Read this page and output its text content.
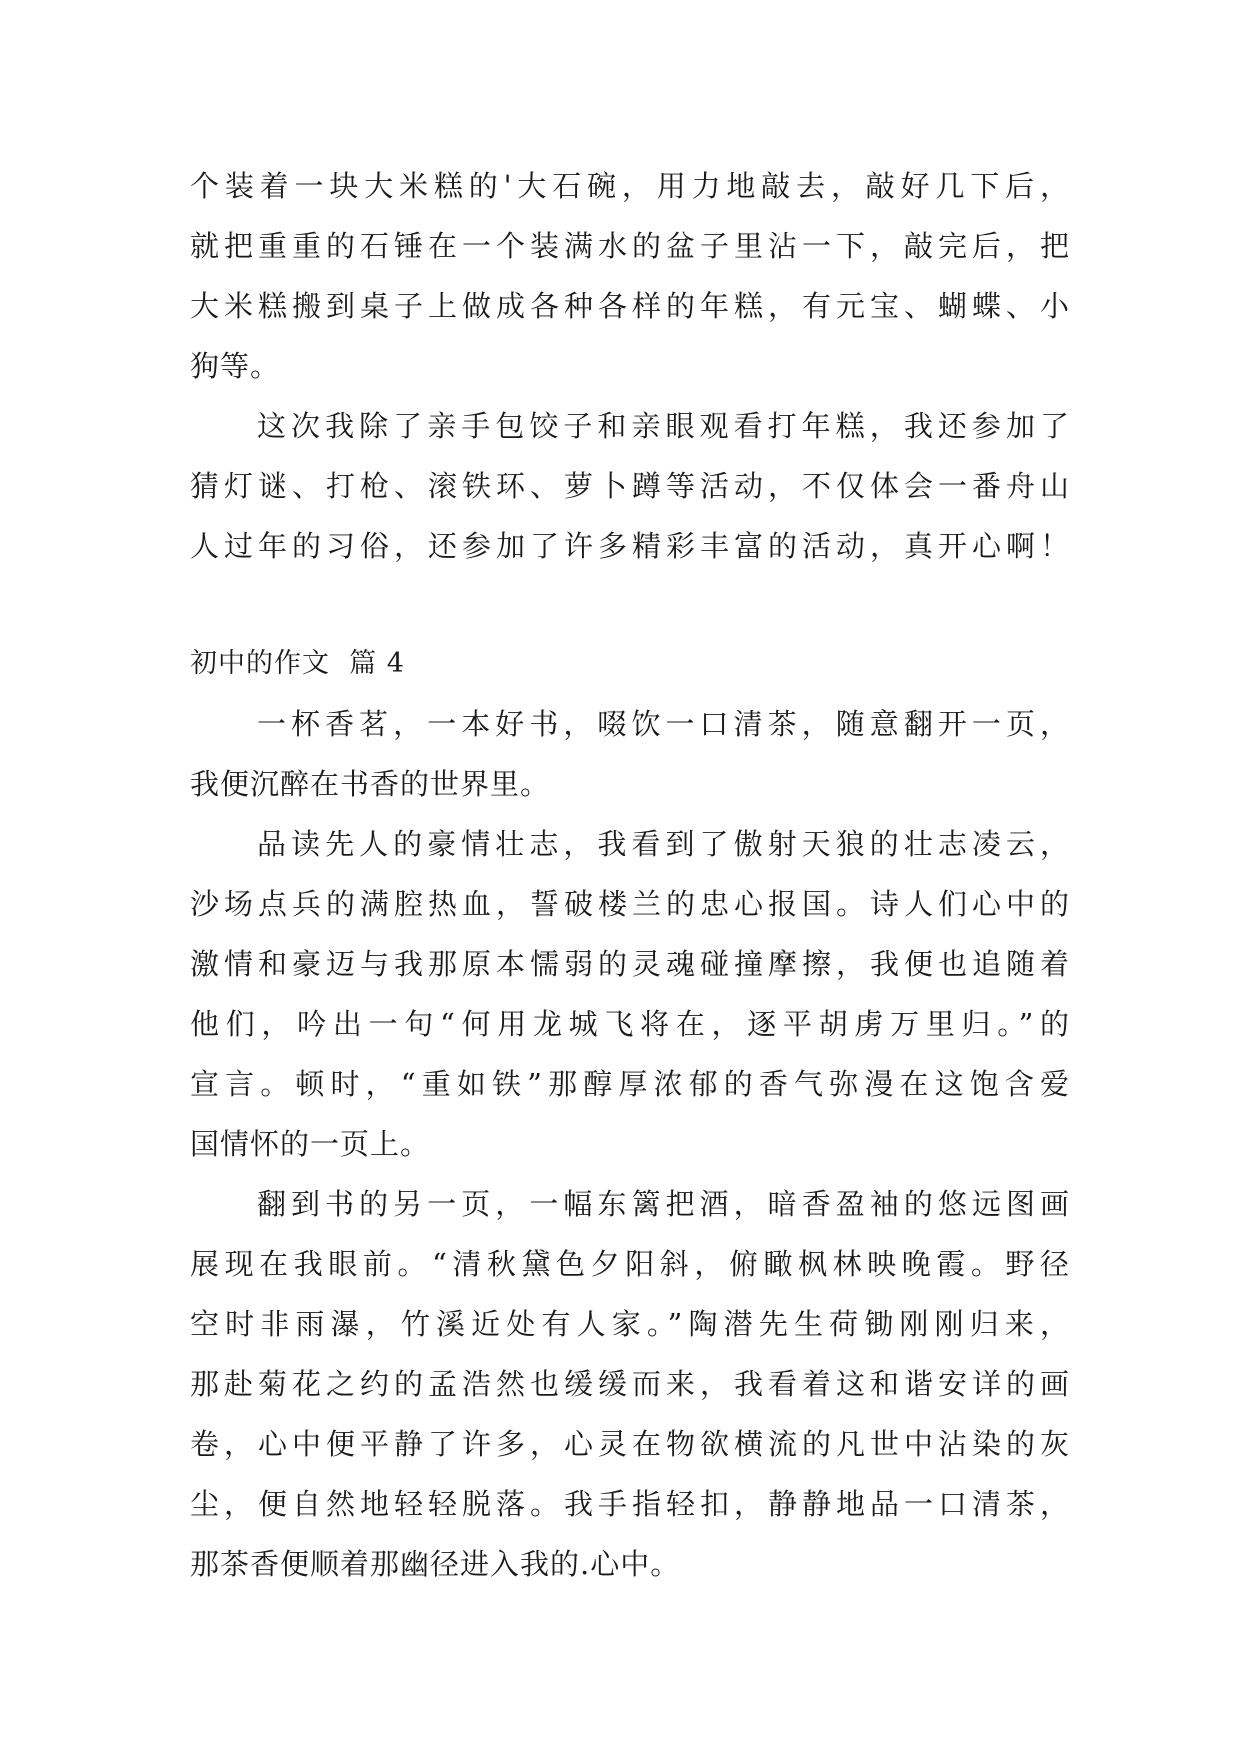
个装着一块大米糕的'大石碗，用力地敲去，敲好几下后，
就把重重的石锤在一个装满水的盆子里沾一下，敲完后，把
大米糕搬到桌子上做成各种各样的年糕，有元宝、蝴蝶、小
狗等。
这次我除了亲手包饺子和亲眼观看打年糕，我还参加了
猜灯谜、打枪、滚铁环、萝卜蹲等活动，不仅体会一番舟山
人过年的习俗，还参加了许多精彩丰富的活动，真开心啊！
初中的作文  篇 4
一杯香茗，一本好书，啜饮一口清茶，随意翻开一页，
我便沉醉在书香的世界里。
品读先人的豪情壮志，我看到了傲射天狼的壮志凌云，
沙场点兵的满腔热血，誓破楼兰的忠心报国。诗人们心中的
激情和豪迈与我那原本懦弱的灵魂碰撞摩擦，我便也追随着
他们，吟出一句“何用龙城飞将在，逐平胡虏万里归。”的
宣言。顿时，“重如铁”那醇厚浓郁的香气弥漫在这饱含爱
国情怀的一页上。
翻到书的另一页，一幅东篱把酒，暗香盈袖的悠远图画
展现在我眼前。“清秋黛色夕阳斜，俯瞰枫林映晚霞。野径
空时非雨瀑，竹溪近处有人家。”陶潜先生荷锄刚刚归来，
那赴菊花之约的孟浩然也缓缓而来，我看着这和谐安详的画
卷，心中便平静了许多，心灵在物欲横流的凡世中沾染的灰
尘，便自然地轻轻脱落。我手指轻扣，静静地品一口清茶，
那茶香便顺着那幽径进入我的.心中。
